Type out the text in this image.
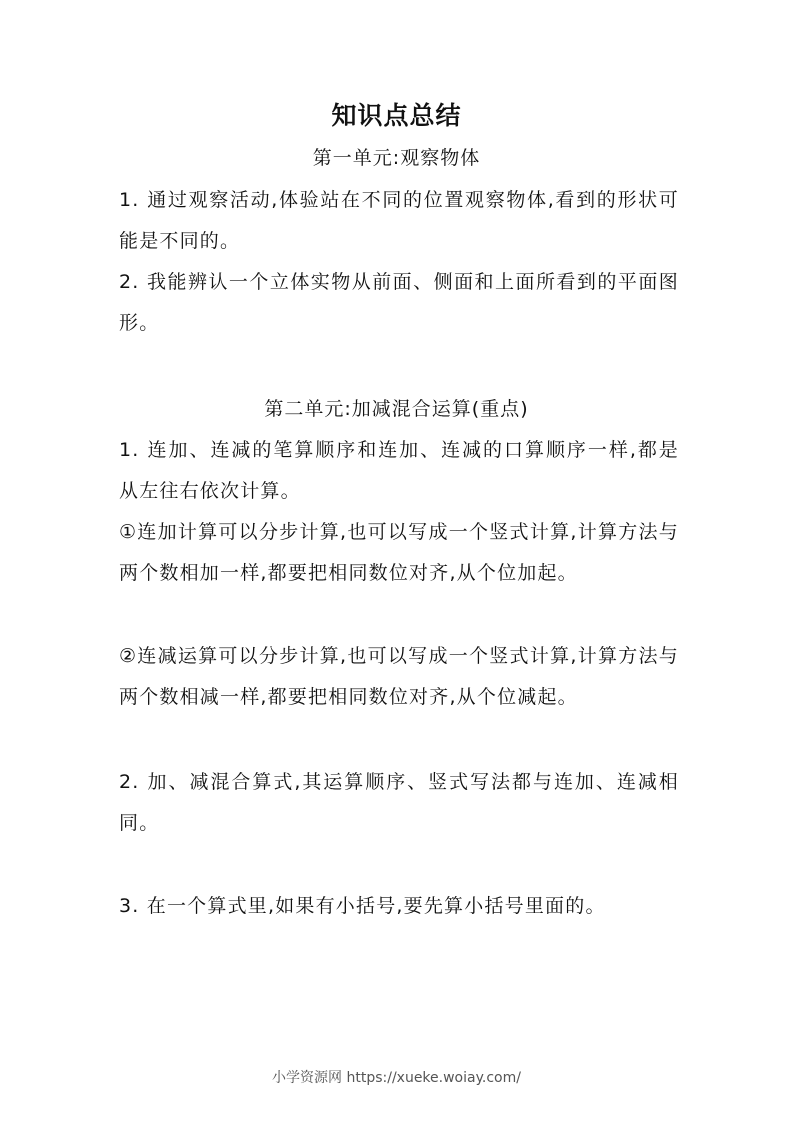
知识点总结
第一单元:观察物体
1. 通过观察活动,体验站在不同的位置观察物体,看到的形状可能是不同的。
2. 我能辨认一个立体实物从前面、侧面和上面所看到的平面图形。
第二单元:加减混合运算(重点)
1. 连加、连减的笔算顺序和连加、连减的口算顺序一样,都是从左往右依次计算。
①连加计算可以分步计算,也可以写成一个竖式计算,计算方法与两个数相加一样,都要把相同数位对齐,从个位加起。
②连减运算可以分步计算,也可以写成一个竖式计算,计算方法与两个数相减一样,都要把相同数位对齐,从个位减起。
2. 加、减混合算式,其运算顺序、竖式写法都与连加、连减相同。
3. 在一个算式里,如果有小括号,要先算小括号里面的。
小学资源网 https://xueke.woiay.com/
